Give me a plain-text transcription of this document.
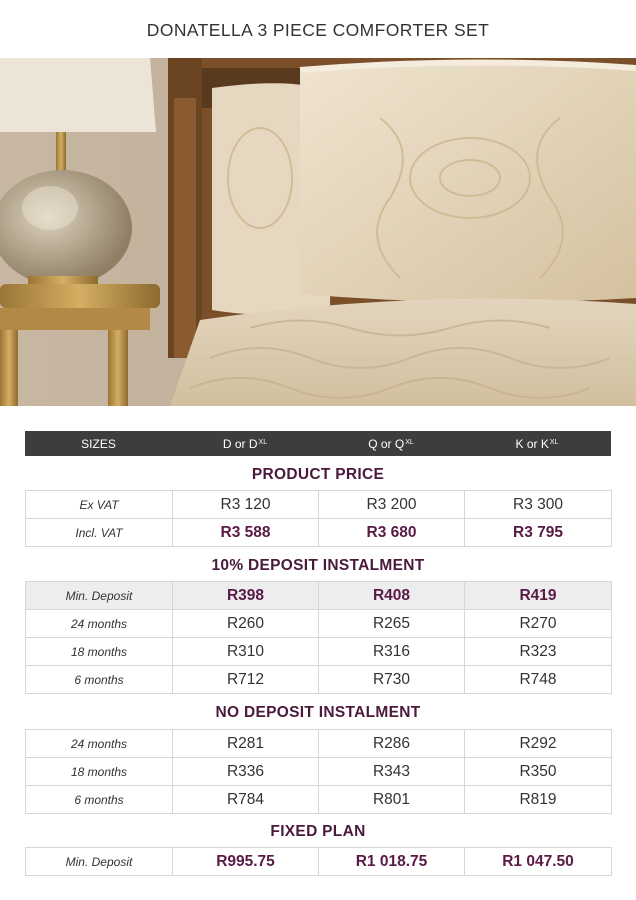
DONATELLA 3 PIECE COMFORTER SET
SIZES	D or $D^{XL}$	Q or $Q^{XL}$	K or $K^{XL}$
PRODUCT PRICE
Ex VAT	R3 120	R3 200	R3 300
Incl. VAT	R3 588	R3 680	R3 795
10% DEPOSIT INSTALMENT
Min. Deposit	R398	R408	R419
24 months	R260	R265	R270
18 months	R310	R316	R323
6 months	R712	R730	R748
NO DEPOSIT INSTALMENT
24 months	R281	R286	R292
18 months	R336	R343	R350
6 months	R784	R801	R819
FIXED PLAN
Min. Deposit	R995.75	R1 018.75	R1 047.50
